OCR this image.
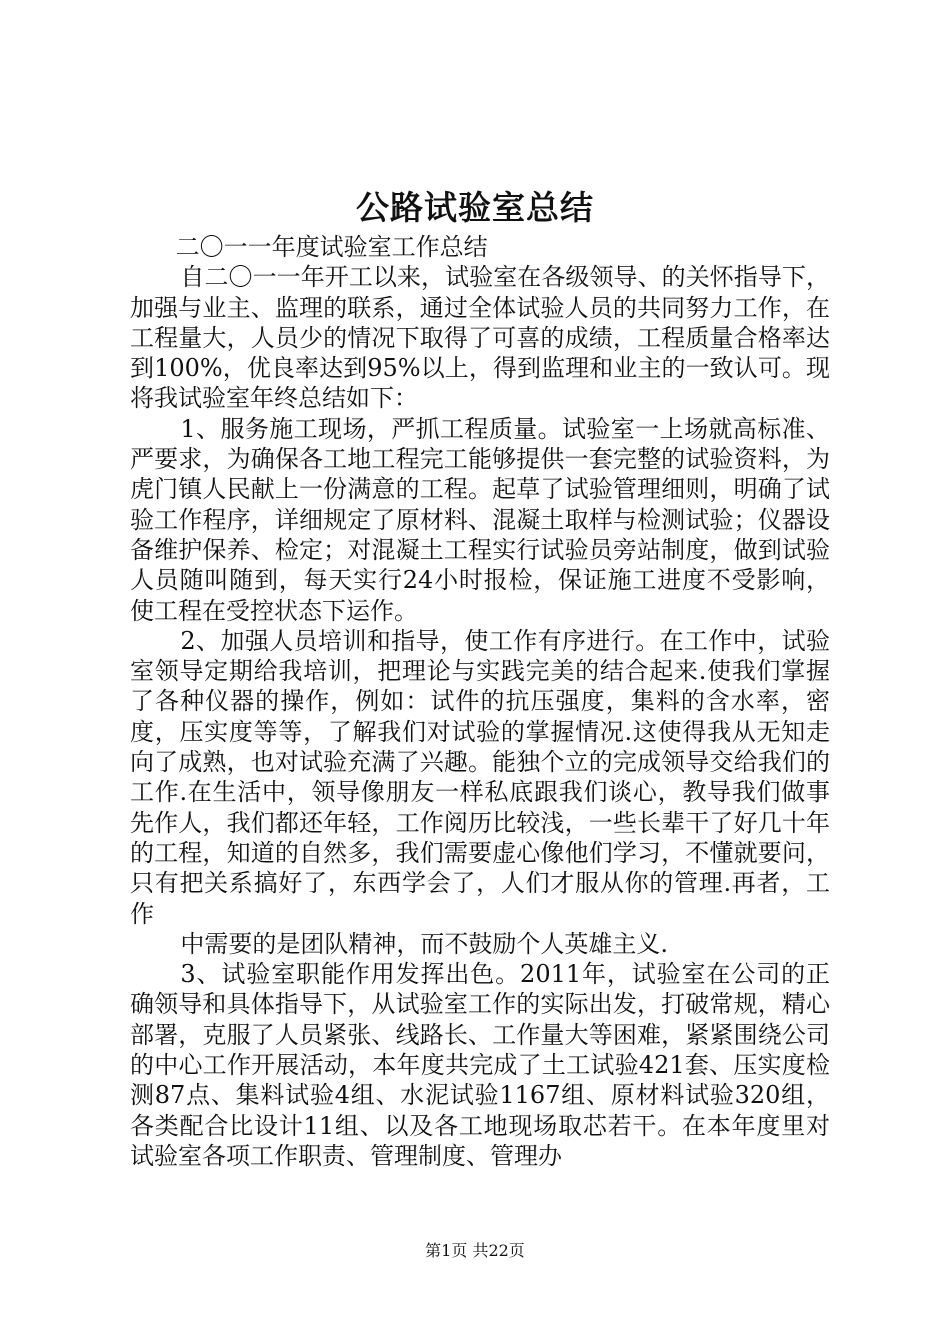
公路试验室总结

二〇一一年度试验室工作总结

自二〇一一年开工以来，试验室在各级领导、的关怀指导下，加强与业主、监理的联系，通过全体试验人员的共同努力工作，在工程量大，人员少的情况下取得了可喜的成绩，工程质量合格率达到100%，优良率达到95%以上，得到监理和业主的一致认可。现将我试验室年终总结如下：

1、服务施工现场，严抓工程质量。试验室一上场就高标准、严要求，为确保各工地工程完工能够提供一套完整的试验资料，为虎门镇人民献上一份满意的工程。起草了试验管理细则，明确了试验工作程序，详细规定了原材料、混凝土取样与检测试验；仪器设备维护保养、检定；对混凝土工程实行试验员旁站制度，做到试验人员随叫随到，每天实行24小时报检，保证施工进度不受影响，使工程在受控状态下运作。

2、加强人员培训和指导，使工作有序进行。在工作中，试验室领导定期给我培训，把理论与实践完美的结合起来.使我们掌握了各种仪器的操作，例如：试件的抗压强度，集料的含水率，密度，压实度等等，了解我们对试验的掌握情况.这使得我从无知走向了成熟，也对试验充满了兴趣。能独个立的完成领导交给我们的工作.在生活中，领导像朋友一样私底跟我们谈心，教导我们做事先作人，我们都还年轻，工作阅历比较浅，一些长辈干了好几十年的工程，知道的自然多，我们需要虚心像他们学习，不懂就要问，只有把关系搞好了，东西学会了，人们才服从你的管理.再者，工作

中需要的是团队精神，而不鼓励个人英雄主义.

3、试验室职能作用发挥出色。2011年，试验室在公司的正确领导和具体指导下，从试验室工作的实际出发，打破常规，精心部署，克服了人员紧张、线路长、工作量大等困难，紧紧围绕公司的中心工作开展活动，本年度共完成了土工试验421套、压实度检测87点、集料试验4组、水泥试验1167组、原材料试验320组，各类配合比设计11组、以及各工地现场取芯若干。在本年度里对试验室各项工作职责、管理制度、管理办

第1页 共22页
